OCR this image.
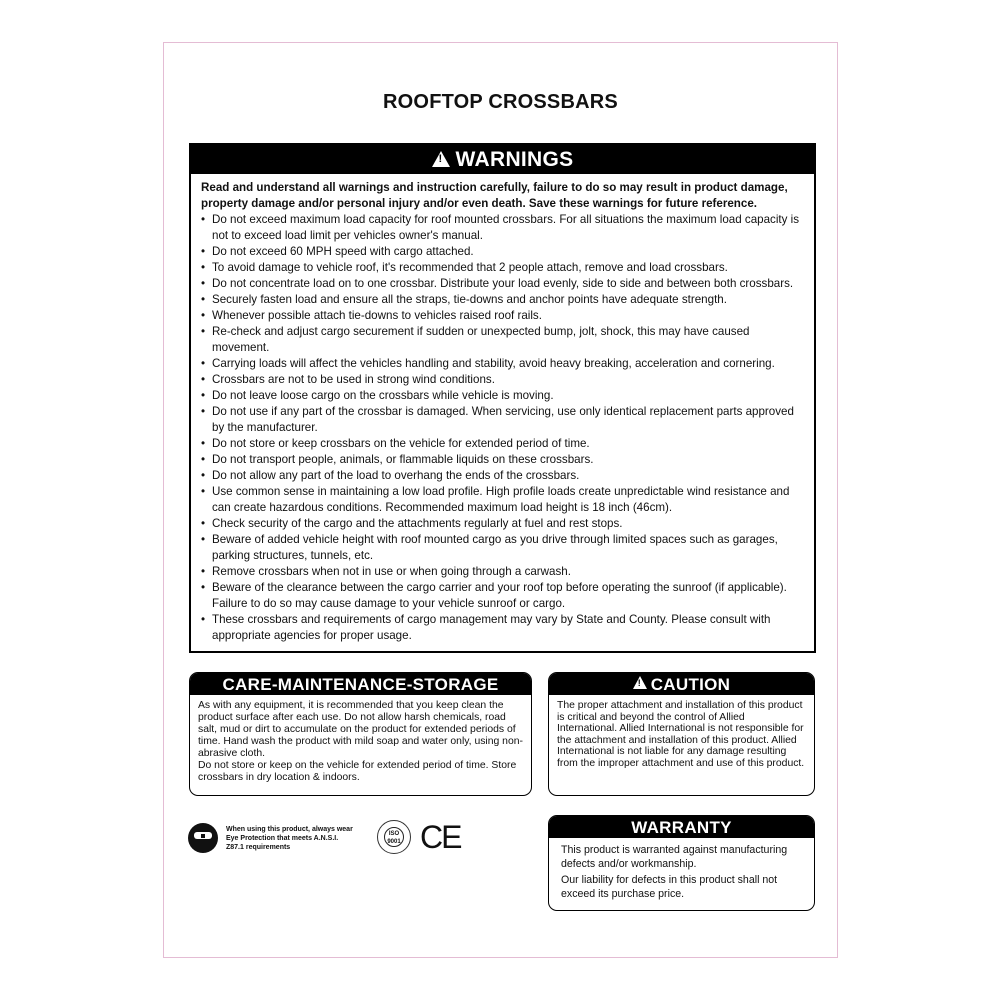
ROOFTOP CROSSBARS
!
WARNINGS

Read and understand all warnings and instruction carefully, failure to do so may result in product damage, property damage and/or personal injury and/or even death. Save these warnings for future reference.

• Do not exceed maximum load capacity for roof mounted crossbars. For all situations the maximum load capacity is not to exceed load limit per vehicles owner's manual.
• Do not exceed 60 MPH speed with cargo attached.
• To avoid damage to vehicle roof, it's recommended that 2 people attach, remove and load crossbars.
• Do not concentrate load on to one crossbar. Distribute your load evenly, side to side and between both crossbars.
• Securely fasten load and ensure all the straps, tie-downs and anchor points have adequate strength.
• Whenever possible attach tie-downs to vehicles raised roof rails.
• Re-check and adjust cargo securement if sudden or unexpected bump, jolt, shock, this may have caused movement.
• Carrying loads will affect the vehicles handling and stability, avoid heavy breaking, acceleration and cornering.
• Crossbars are not to be used in strong wind conditions.
• Do not leave loose cargo on the crossbars while vehicle is moving.
• Do not use if any part of the crossbar is damaged. When servicing, use only identical replacement parts approved by the manufacturer.
• Do not store or keep crossbars on the vehicle for extended period of time.
• Do not transport people, animals, or flammable liquids on these crossbars.
• Do not allow any part of the load to overhang the ends of the crossbars.
• Use common sense in maintaining a low load profile. High profile loads create unpredictable wind resistance and can create hazardous conditions. Recommended maximum load height is 18 inch (46cm).
• Check security of the cargo and the attachments regularly at fuel and rest stops.
• Beware of added vehicle height with roof mounted cargo as you drive through limited spaces such as garages, parking structures, tunnels, etc.
• Remove crossbars when not in use or when going through a carwash.
• Beware of the clearance between the cargo carrier and your roof top before operating the sunroof (if applicable). Failure to do so may cause damage to your vehicle sunroof or cargo.
• These crossbars and requirements of cargo management may vary by State and County. Please consult with appropriate agencies for proper usage.
CARE-MAINTENANCE-STORAGE
As with any equipment, it is recommended that you keep clean the product surface after each use. Do not allow harsh chemicals, road salt, mud or dirt to accumulate on the product for extended periods of time. Hand wash the product with mild soap and water only, using non-abrasive cloth.
Do not store or keep on the vehicle for extended period of time. Store crossbars in dry location & indoors.
!CAUTION
The proper attachment and installation of this product is critical and beyond the control of Allied International. Allied International is not responsible for the attachment and installation of this product. Allied International is not liable for any damage resulting from the improper attachment and use of this product.
WARRANTY

This product is warranted against manufacturing defects and/or workmanship.

Our liability for defects in this product shall not exceed its purchase price.

When using this product, always wear Eye Protection that meets A.N.S.I. Z87.1 requirements
ISO
9001 CE
